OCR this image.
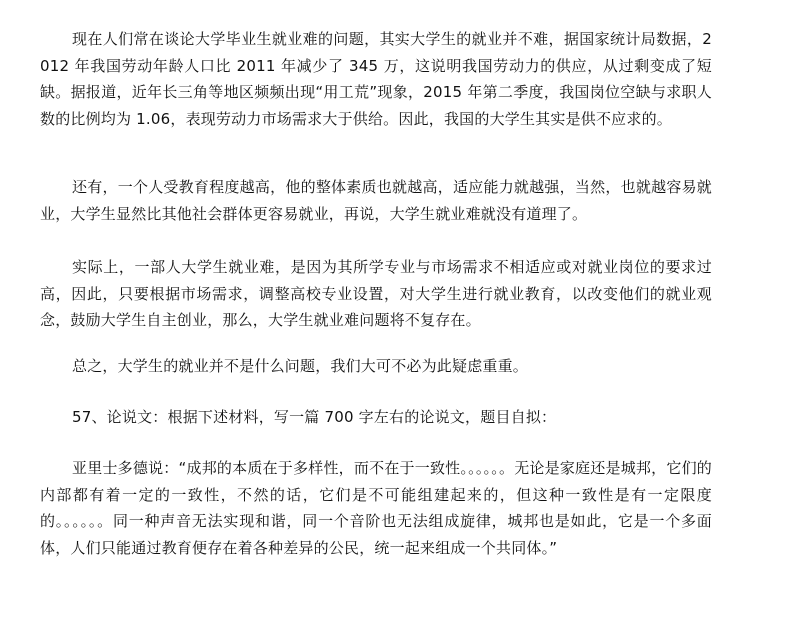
现在人们常在谈论大学毕业生就业难的问题，其实大学生的就业并不难，据国家统计局数据，2012 年我国劳动年龄人口比 2011 年减少了 345 万，这说明我国劳动力的供应，从过剩变成了短缺。据报道，近年长三角等地区频频出现“用工荒”现象，2015 年第二季度，我国岗位空缺与求职人数的比例均为 1.06，表现劳动力市场需求大于供给。因此，我国的大学生其实是供不应求的。

还有，一个人受教育程度越高，他的整体素质也就越高，适应能力就越强，当然，也就越容易就业，大学生显然比其他社会群体更容易就业，再说，大学生就业难就没有道理了。

实际上，一部人大学生就业难，是因为其所学专业与市场需求不相适应或对就业岗位的要求过高，因此，只要根据市场需求，调整高校专业设置，对大学生进行就业教育，以改变他们的就业观念，鼓励大学生自主创业，那么，大学生就业难问题将不复存在。

总之，大学生的就业并不是什么问题，我们大可不必为此疑虑重重。

57、论说文：根据下述材料，写一篇 700 字左右的论说文，题目自拟：

亚里士多德说：“成邦的本质在于多样性，而不在于一致性。。。。。。无论是家庭还是城邦，它们的内部都有着一定的一致性，不然的话，它们是不可能组建起来的，但这种一致性是有一定限度的。。。。。。同一种声音无法实现和谐，同一个音阶也无法组成旋律，城邦也是如此，它是一个多面体，人们只能通过教育便存在着各种差异的公民，统一起来组成一个共同体。”
